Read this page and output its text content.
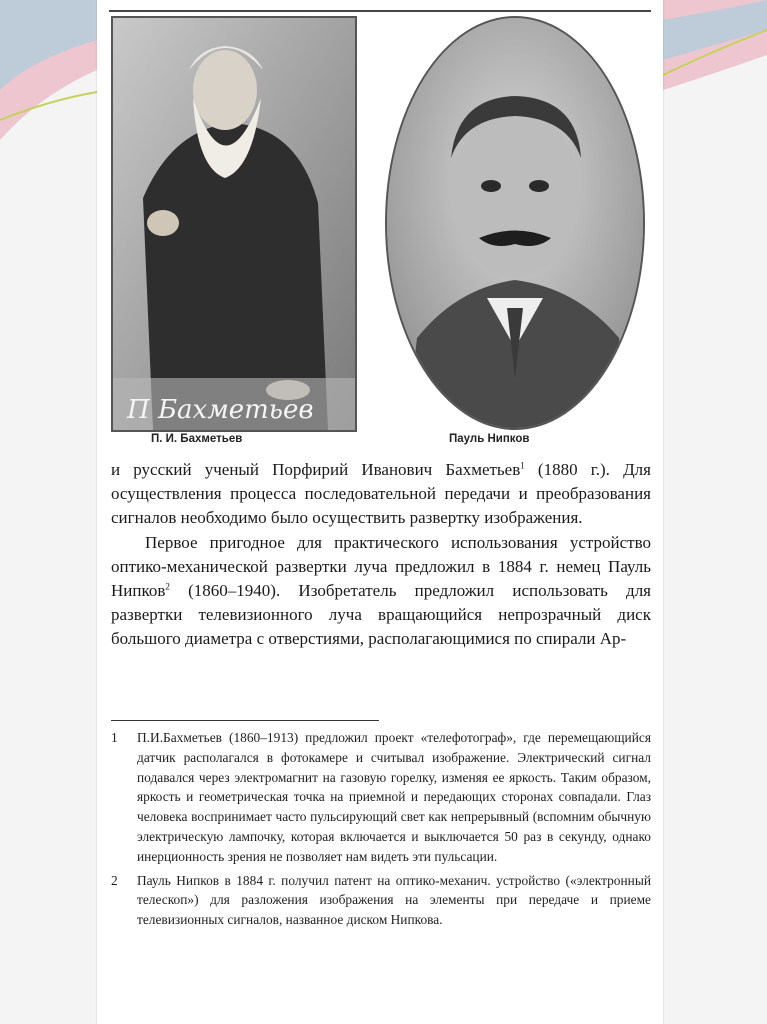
П Бахметьев
П. И. Бахметьев	Пауль Нипков

и русский ученый Порфирий Иванович Бахметьев$^1$ (1880 г.). Для осуществления процесса последовательной передачи и преобразования сигналов необходимо было осуществить развертку изображения.

Первое пригодное для практического использования устройство оптико-механической развертки луча предложил в 1884 г. немец Пауль Нипков$^2$ (1860–1940). Изобретатель предложил использовать для развертки телевизионного луча вращающийся непрозрачный диск большого диаметра с отверстиями, располагающимися по спирали Ар-

1	П.И.Бахметьев (1860–1913) предложил проект «телефотограф», где перемещающийся датчик располагался в фотокамере и считывал изображение. Электрический сигнал подавался через электромагнит на газовую горелку, изменяя ее яркость. Таким образом, яркость и геометрическая точка на приемной и передающих сторонах совпадали. Глаз человека воспринимает часто пульсирующий свет как непрерывный (вспомним обычную электрическую лампочку, которая включается и выключается 50 раз в секунду, однако инерционность зрения не позволяет нам видеть эти пульсации.
2	Пауль Нипков в 1884 г. получил патент на оптико-механич. устройство («электронный телескоп») для разложения изображения на элементы при передаче и приеме телевизионных сигналов, названное диском Нипкова.
